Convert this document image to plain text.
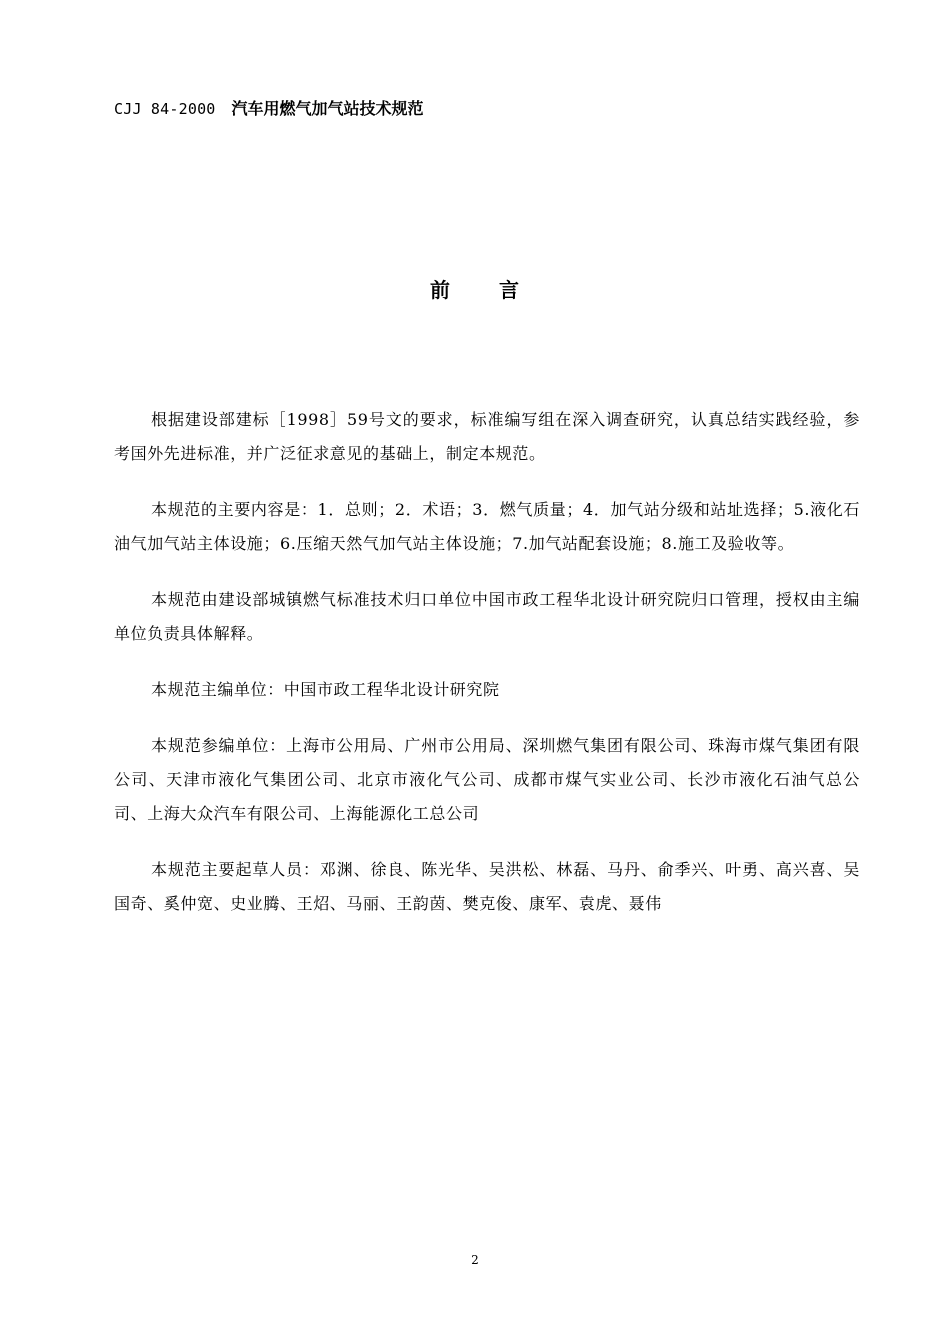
CJJ 84-2000 汽车用燃气加气站技术规范
前 言

根据建设部建标［1998］59号文的要求，标准编写组在深入调查研究，认真总结实践经验，参考国外先进标准，并广泛征求意见的基础上，制定本规范。

本规范的主要内容是：1．总则；2．术语；3．燃气质量；4．加气站分级和站址选择；5.液化石油气加气站主体设施；6.压缩天然气加气站主体设施；7.加气站配套设施；8.施工及验收等。

本规范由建设部城镇燃气标准技术归口单位中国市政工程华北设计研究院归口管理，授权由主编单位负责具体解释。

本规范主编单位：中国市政工程华北设计研究院

本规范参编单位：上海市公用局、广州市公用局、深圳燃气集团有限公司、珠海市煤气集团有限公司、天津市液化气集团公司、北京市液化气公司、成都市煤气实业公司、长沙市液化石油气总公司、上海大众汽车有限公司、上海能源化工总公司

本规范主要起草人员：邓渊、徐良、陈光华、吴洪松、林磊、马丹、俞季兴、叶勇、高兴喜、吴国奇、奚仲宽、史业腾、王炤、马丽、王韵茵、樊克俊、康军、袁虎、聂伟

2
